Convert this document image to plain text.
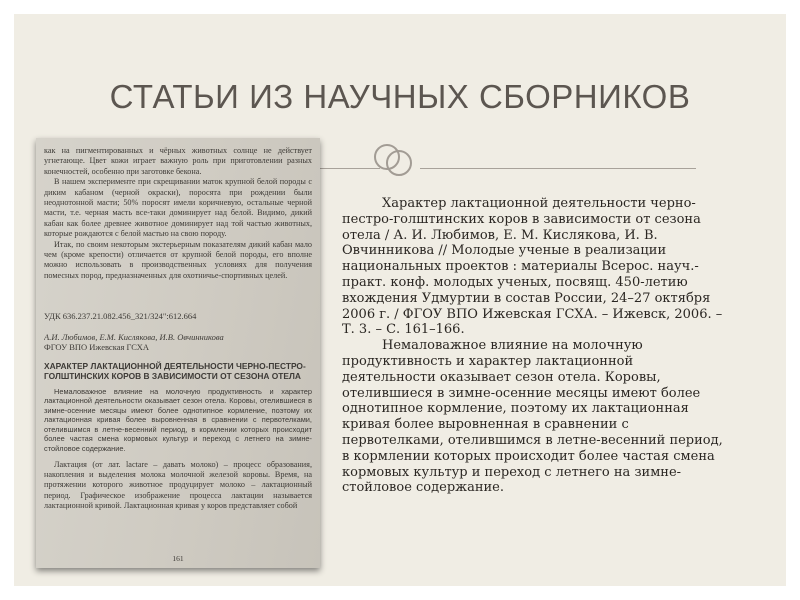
СТАТЬИ ИЗ НАУЧНЫХ СБОРНИКОВ

как на пигментированных и чёрных животных солнце не действует угнетающе. Цвет кожи играет важную роль при приготовлении разных конечностей, особенно при заготовке бекона.

В нашем эксперименте при скрещивании маток крупной белой породы с диким кабаном (черной окраски), поросята при рождении были неоднотонной масти; 50% поросят имели коричневую, остальные черной масти, т.е. черная масть все-таки доминирует над белой. Видимо, дикий кабан как более древнее животное доминирует над той частью животных, которые рождаются с белой мастью на свою породу.

Итак, по своим некоторым экстерьерным показателям дикий кабан мало чем (кроме крепости) отличается от крупной белой породы, его вполне можно использовать в производственных условиях для получения помесных пород, предназначенных для охотничье-спортивных целей.

УДК 636.237.21.082.456_321/324":612.664

А.И. Любимов, Е.М. Кислякова, И.В. Овчинникова

ФГОУ ВПО Ижевская ГСХА

ХАРАКТЕР ЛАКТАЦИОННОЙ ДЕЯТЕЛЬНОСТИ ЧЕРНО-ПЕСТРО-ГОЛШТИНСКИХ КОРОВ В ЗАВИСИМОСТИ ОТ СЕЗОНА ОТЕЛА

Немаловажное влияние на молочную продуктивность и характер лактационной деятельности оказывает сезон отела. Коровы, отелившиеся в зимне-осенние месяцы имеют более однотипное кормление, поэтому их лактационная кривая более выровненная в сравнении с первотелками, отелившимся в летне-весенний период, в кормлении которых происходит более частая смена кормовых культур и переход с летнего на зимне-стойловое содержание.

Лактация (от лат. lactare – давать молоко) – процесс образования, накопления и выделения молока молочной железой коровы. Время, на протяжении которого животное продуцирует молоко – лактационный период. Графическое изображение процесса лактации называется лактационной кривой. Лактационная кривая у коров представляет собой

161

Характер лактационной деятельности черно-пестро-голштинских коров в зависимости от сезона отела / А. И. Любимов, Е. М. Кислякова, И. В. Овчинникова // Молодые ученые в реализации национальных проектов : материалы Всерос. науч.-практ. конф. молодых ученых, посвящ. 450-летию вхождения Удмуртии в состав России, 24–27 октября 2006 г. / ФГОУ ВПО Ижевская ГСХА. – Ижевск, 2006. – Т. 3. – С. 161–166.

Немаловажное влияние на молочную продуктивность и характер лактационной деятельности оказывает сезон отела. Коровы, отелившиеся в зимне-осенние месяцы имеют более однотипное кормление, поэтому их лактационная кривая более выровненная в сравнении с первотелками, отелившимся в летне-весенний период, в кормлении которых происходит более частая смена кормовых культур и переход с летнего на зимне-стойловое содержание.
